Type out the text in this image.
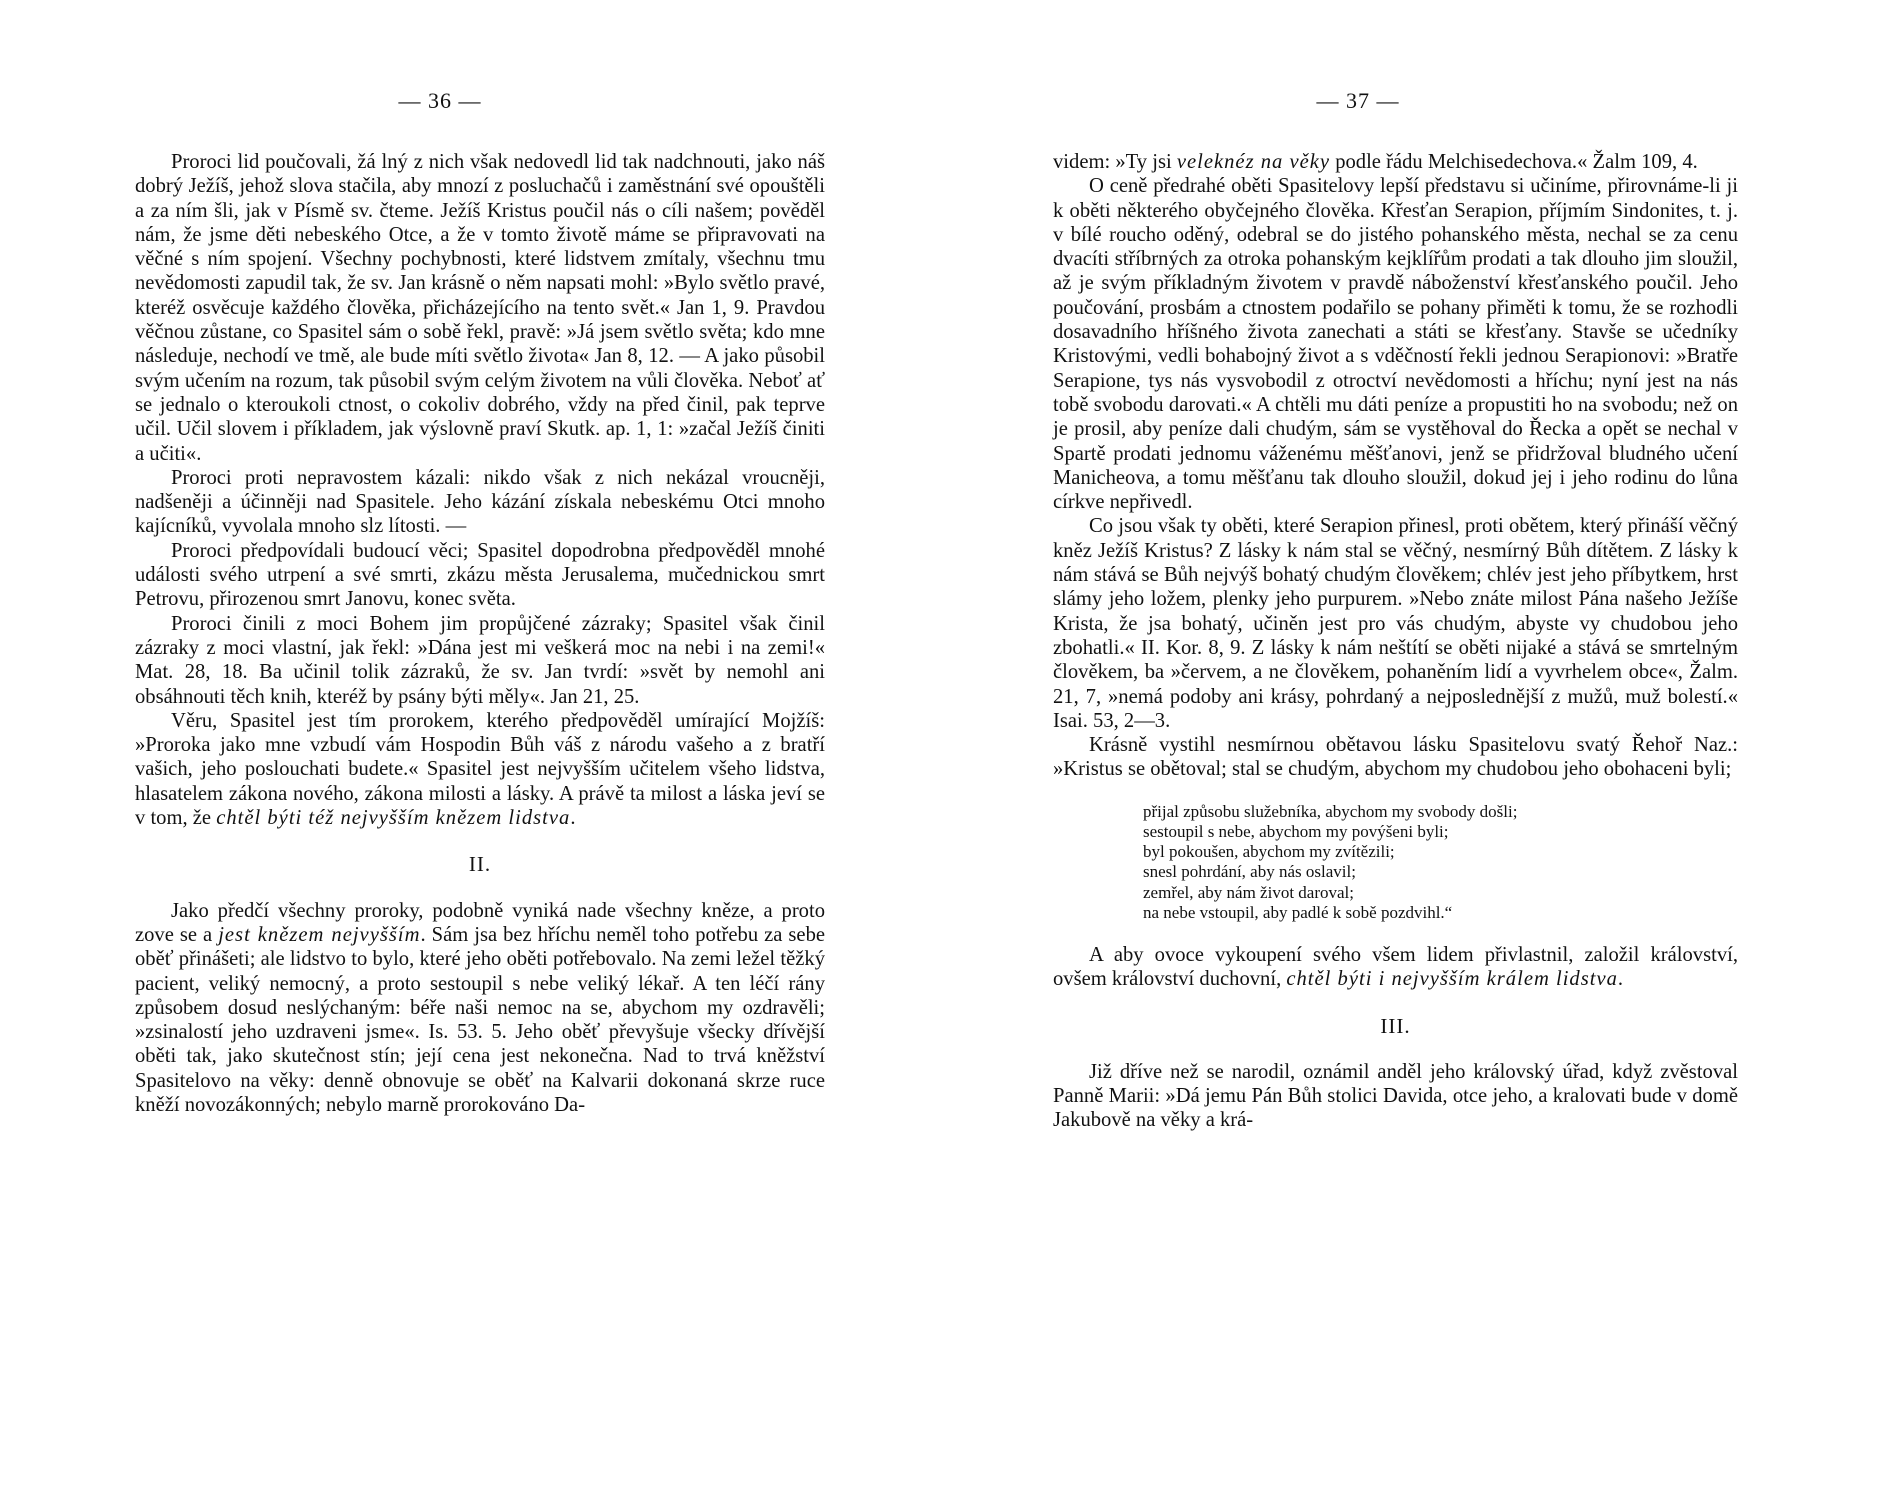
— 36 —

Proroci lid poučovali, žá lný z nich však nedovedl lid tak nadchnouti, jako náš dobrý Ježíš, jehož slova stačila, aby mnozí z posluchačů i zaměstnání své opouštěli a za ním šli, jak v Písmě sv. čteme. Ježíš Kristus poučil nás o cíli našem; pověděl nám, že jsme děti nebeského Otce, a že v tomto životě máme se připravovati na věčné s ním spojení. Všechny pochybnosti, které lidstvem zmítaly, všechnu tmu nevědomosti zapudil tak, že sv. Jan krásně o něm napsati mohl: »Bylo světlo pravé, kteréž osvěcuje každého člověka, přicházejícího na tento svět.« Jan 1, 9. Pravdou věčnou zůstane, co Spasitel sám o sobě řekl, pravě: »Já jsem světlo světa; kdo mne následuje, nechodí ve tmě, ale bude míti světlo života« Jan 8, 12. — A jako působil svým učením na rozum, tak působil svým celým životem na vůli člověka. Neboť ať se jednalo o kteroukoli ctnost, o cokoliv dobrého, vždy na před činil, pak teprve učil. Učil slovem i příkladem, jak výslovně praví Skutk. ap. 1, 1: »začal Ježíš činiti a učiti«.

Proroci proti nepravostem kázali: nikdo však z nich nekázal vroucněji, nadšeněji a účinněji nad Spasitele. Jeho kázání získala nebeskému Otci mnoho kajícníků, vyvolala mnoho slz lítosti. —

Proroci předpovídali budoucí věci; Spasitel dopodrobna předpověděl mnohé události svého utrpení a své smrti, zkázu města Jerusalema, mučednickou smrt Petrovu, přirozenou smrt Janovu, konec světa.

Proroci činili z moci Bohem jim propůjčené zázraky; Spasitel však činil zázraky z moci vlastní, jak řekl: »Dána jest mi veškerá moc na nebi i na zemi!« Mat. 28, 18. Ba učinil tolik zázraků, že sv. Jan tvrdí: »svět by nemohl ani obsáhnouti těch knih, kteréž by psány býti měly«. Jan 21, 25.

Věru, Spasitel jest tím prorokem, kterého předpověděl umírající Mojžíš: »Proroka jako mne vzbudí vám Hospodin Bůh váš z národu vašeho a z bratří vašich, jeho poslouchati budete.« Spasitel jest nejvyšším učitelem všeho lidstva, hlasatelem zákona nového, zákona milosti a lásky. A právě ta milost a láska jeví se v tom, že chtěl býti též nejvyšším knězem lidstva.

II.

Jako předčí všechny proroky, podobně vyniká nade všechny kněze, a proto zove se a jest knězem nejvyšším. Sám jsa bez hříchu neměl toho potřebu za sebe oběť přinášeti; ale lidstvo to bylo, které jeho oběti potřebovalo. Na zemi ležel těžký pacient, veliký nemocný, a proto sestoupil s nebe veliký lékař. A ten léčí rány způsobem dosud neslýchaným: béře naši nemoc na se, abychom my ozdravěli; »zsinalostí jeho uzdraveni jsme«. Is. 53. 5. Jeho oběť převyšuje všecky dřívější oběti tak, jako skutečnost stín; její cena jest nekonečna. Nad to trvá kněžství Spasitelovo na věky: denně obnovuje se oběť na Kalvarii dokonaná skrze ruce kněží novozákonných; nebylo marně prorokováno Da-

— 37 —

videm: »Ty jsi veleknéz na věky podle řádu Melchisedechova.« Žalm 109, 4.

O ceně předrahé oběti Spasitelovy lepší představu si učiníme, přirovnáme-li ji k oběti některého obyčejného člověka. Křesťan Serapion, příjmím Sindonites, t. j. v bílé roucho oděný, odebral se do jistého pohanského města, nechal se za cenu dvacíti stříbrných za otroka pohanským kejklířům prodati a tak dlouho jim sloužil, až je svým příkladným životem v pravdě náboženství křesťanského poučil. Jeho poučování, prosbám a ctnostem podařilo se pohany přiměti k tomu, že se rozhodli dosavadního hříšného života zanechati a státi se křesťany. Stavše se učedníky Kristovými, vedli bohabojný život a s vděčností řekli jednou Serapionovi: »Bratře Serapione, tys nás vysvobodil z otroctví nevědomosti a hříchu; nyní jest na nás tobě svobodu darovati.« A chtěli mu dáti peníze a propustiti ho na svobodu; než on je prosil, aby peníze dali chudým, sám se vystěhoval do Řecka a opět se nechal v Spartě prodati jednomu váženému měšťanovi, jenž se přidržoval bludného učení Manicheova, a tomu měšťanu tak dlouho sloužil, dokud jej i jeho rodinu do lůna církve nepřivedl.

Co jsou však ty oběti, které Serapion přinesl, proti obětem, který přináší věčný kněz Ježíš Kristus? Z lásky k nám stal se věčný, nesmírný Bůh dítětem. Z lásky k nám stává se Bůh nejvýš bohatý chudým člověkem; chlév jest jeho příbytkem, hrst slámy jeho ložem, plenky jeho purpurem. »Nebo znáte milost Pána našeho Ježíše Krista, že jsa bohatý, učiněn jest pro vás chudým, abyste vy chudobou jeho zbohatli.« II. Kor. 8, 9. Z lásky k nám neštítí se oběti nijaké a stává se smrtelným člověkem, ba »červem, a ne člověkem, pohaněním lidí a vyvrhelem obce«, Žalm. 21, 7, »nemá podoby ani krásy, pohrdaný a nejposlednější z mužů, muž bolestí.« Isai. 53, 2—3.

Krásně vystihl nesmírnou obětavou lásku Spasitelovu svatý Řehoř Naz.: »Kristus se obětoval; stal se chudým, abychom my chudobou jeho obohaceni byli;

přijal způsobu služebníka, abychom my svobody došli;
sestoupil s nebe, abychom my povýšeni byli;
byl pokoušen, abychom my zvítězili;
snesl pohrdání, aby nás oslavil;
zemřel, aby nám život daroval;
na nebe vstoupil, aby padlé k sobě pozdvihl.“

A aby ovoce vykoupení svého všem lidem přivlastnil, založil království, ovšem království duchovní, chtěl býti i nejvyšším králem lidstva.

III.

Již dříve než se narodil, oznámil anděl jeho královský úřad, když zvěstoval Panně Marii: »Dá jemu Pán Bůh stolici Davida, otce jeho, a kralovati bude v domě Jakubově na věky a krá-
